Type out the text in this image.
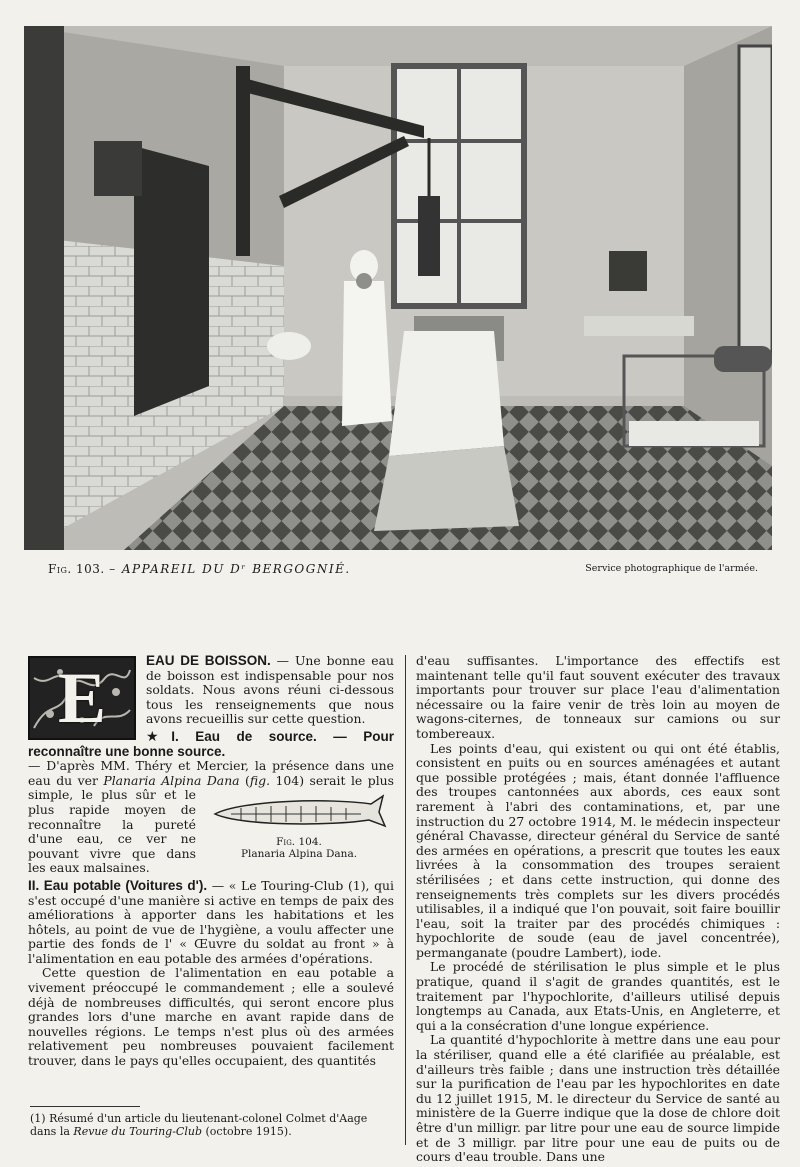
Fig. 103. – APPAREIL DU Dʳ BERGOGNIÉ.	Service photographique de l'armée.
E	EAU DE BOISSON. — Une bonne eau de boisson est indispensable pour nos soldats. Nous avons réuni ci-dessous tous les renseignements que nous avons recueillis sur cette question.

★I. Eau de source. — Pour reconnaître une bonne source.

— D'après MM. Théry et Mercier, la présence dans une eau du ver Planaria Alpina Dana (fig.
Fig. 104.
Planaria Alpina Dana.
104) serait le plus simple, le plus sûr et le plus rapide moyen de reconnaître la pureté d'une eau, ce ver ne pouvant vivre que dans les eaux malsaines.

II. Eau potable (Voitures d'). — « Le Touring-Club (1), qui s'est occupé d'une manière si active en temps de paix des améliorations à apporter dans les habitations et les hôtels, au point de vue de l'hygiène, a voulu affecter une partie des fonds de l' « Œuvre du soldat au front » à l'alimentation en eau potable des armées d'opérations.

Cette question de l'alimentation en eau potable a vivement préoccupé le commandement ; elle a soulevé déjà de nombreuses difficultés, qui seront encore plus grandes lors d'une marche en avant rapide dans de nouvelles régions. Le temps n'est plus où des armées relativement peu nombreuses pouvaient facilement trouver, dans le pays qu'elles occupaient, des quantités

d'eau suffisantes. L'importance des effectifs est maintenant telle qu'il faut souvent exécuter des travaux importants pour trouver sur place l'eau d'alimentation nécessaire ou la faire venir de très loin au moyen de wagons-citernes, de tonneaux sur camions ou sur tombereaux.

Les points d'eau, qui existent ou qui ont été établis, consistent en puits ou en sources aménagées et autant que possible protégées ; mais, étant donnée l'affluence des troupes cantonnées aux abords, ces eaux sont rarement à l'abri des contaminations, et, par une instruction du 27 octobre 1914, M. le médecin inspecteur général Chavasse, directeur général du Service de santé des armées en opérations, a prescrit que toutes les eaux livrées à la consommation des troupes seraient stérilisées ; et dans cette instruction, qui donne des renseignements très complets sur les divers procédés utilisables, il a indiqué que l'on pouvait, soit faire bouillir l'eau, soit la traiter par des procédés chimiques : hypochlorite de soude (eau de javel concentrée), permanganate (poudre Lambert), iode.

Le procédé de stérilisation le plus simple et le plus pratique, quand il s'agit de grandes quantités, est le traitement par l'hypochlorite, d'ailleurs utilisé depuis longtemps au Canada, aux Etats-Unis, en Angleterre, et qui a la consécration d'une longue expérience.

La quantité d'hypochlorite à mettre dans une eau pour la stériliser, quand elle a été clarifiée au préalable, est d'ailleurs très faible ; dans une instruction très détaillée sur la purification de l'eau par les hypochlorites en date du 12 juillet 1915, M. le directeur du Service de santé au ministère de la Guerre indique que la dose de chlore doit être d'un milligr. par litre pour une eau de source limpide et de 3 milligr. par litre pour une eau de puits ou de cours d'eau trouble. Dans une

(1) Résumé d'un article du lieutenant-colonel Colmet d'Aage dans la Revue du Touring-Club (octobre 1915).
